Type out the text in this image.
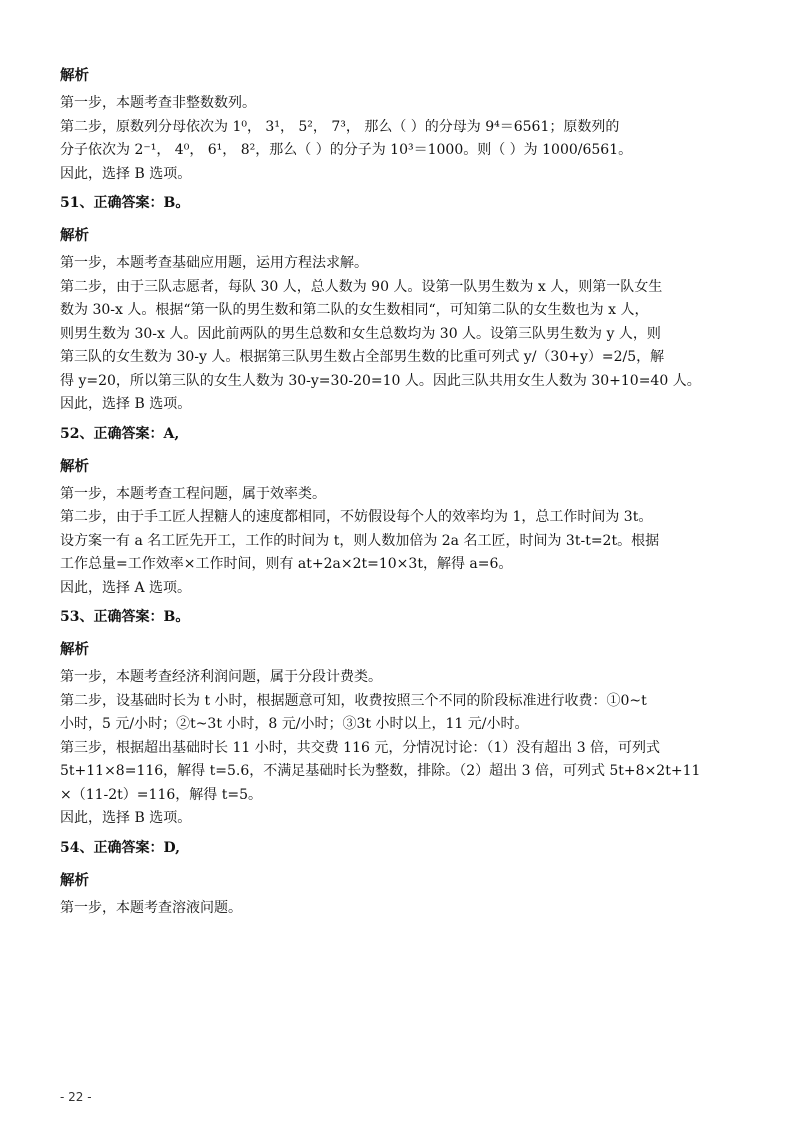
解析

第一步，本题考查非整数数列。

第二步，原数列分母依次为 1⁰， 3¹， 5²， 7³， 那么（ ）的分母为 9⁴＝6561；原数列的

分子依次为 2⁻¹， 4⁰， 6¹， 8²，那么（ ）的分子为 10³＝1000。则（ ）为 1000/6561。

因此，选择 B 选项。

51、正确答案：B。

解析

第一步，本题考查基础应用题，运用方程法求解。

第二步，由于三队志愿者，每队 30 人，总人数为 90 人。设第一队男生数为 x 人，则第一队女生

数为 30-x 人。根据“第一队的男生数和第二队的女生数相同“，可知第二队的女生数也为 x 人，

则男生数为 30-x 人。因此前两队的男生总数和女生总数均为 30 人。设第三队男生数为 y 人，则

第三队的女生数为 30-y 人。根据第三队男生数占全部男生数的比重可列式 y/（30+y）=2/5，解

得 y=20，所以第三队的女生人数为 30-y=30-20=10 人。因此三队共用女生人数为 30+10=40 人。

因此，选择 B 选项。

52、正确答案：A,

解析

第一步，本题考查工程问题，属于效率类。

第二步，由于手工匠人捏糖人的速度都相同，不妨假设每个人的效率均为 1，总工作时间为 3t。

设方案一有 a 名工匠先开工，工作的时间为 t，则人数加倍为 2a 名工匠，时间为 3t-t=2t。根据

工作总量=工作效率×工作时间，则有 at+2a×2t=10×3t，解得 a=6。

因此，选择 A 选项。

53、正确答案：B。

解析

第一步，本题考查经济利润问题，属于分段计费类。

第二步，设基础时长为 t 小时，根据题意可知，收费按照三个不同的阶段标准进行收费：①0~t

小时，5 元/小时；②t~3t 小时，8 元/小时；③3t 小时以上，11 元/小时。

第三步，根据超出基础时长 11 小时，共交费 116 元，分情况讨论：（1）没有超出 3 倍，可列式

5t+11×8=116，解得 t=5.6，不满足基础时长为整数，排除。（2）超出 3 倍，可列式 5t+8×2t+11

×（11-2t）=116，解得 t=5。

因此，选择 B 选项。

54、正确答案：D,

解析

第一步，本题考查溶液问题。

- 22 -
